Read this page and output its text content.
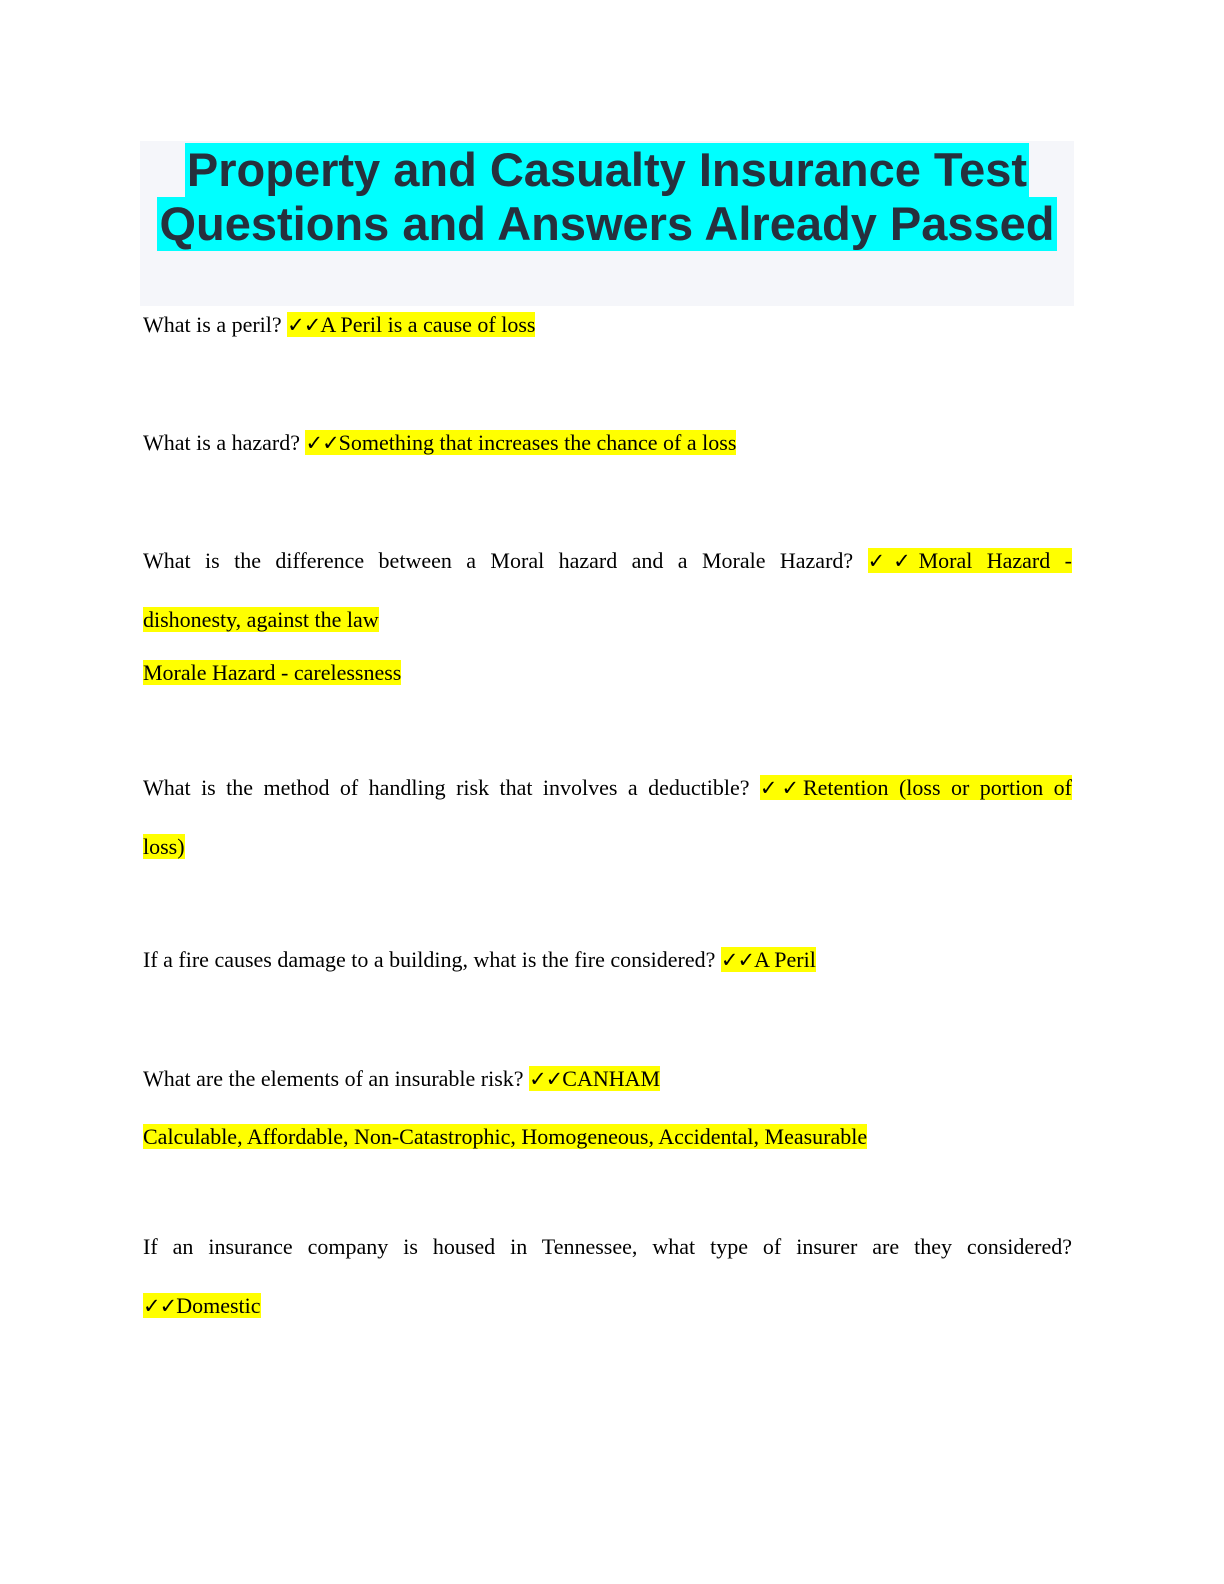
Property and Casualty Insurance Test
Questions and Answers Already Passed
What is a peril? ✓✓A Peril is a cause of loss
What is a hazard? ✓✓Something that increases the chance of a loss
What is the difference between a Moral hazard and a Morale Hazard? ✓✓Moral Hazard -
dishonesty, against the law
Morale Hazard - carelessness
What is the method of handling risk that involves a deductible? ✓✓Retention (loss or portion of
loss)
If a fire causes damage to a building, what is the fire considered? ✓✓A Peril
What are the elements of an insurable risk? ✓✓CANHAM
Calculable, Affordable, Non-Catastrophic, Homogeneous, Accidental, Measurable
If an insurance company is housed in Tennessee, what type of insurer are they considered?
✓✓Domestic
